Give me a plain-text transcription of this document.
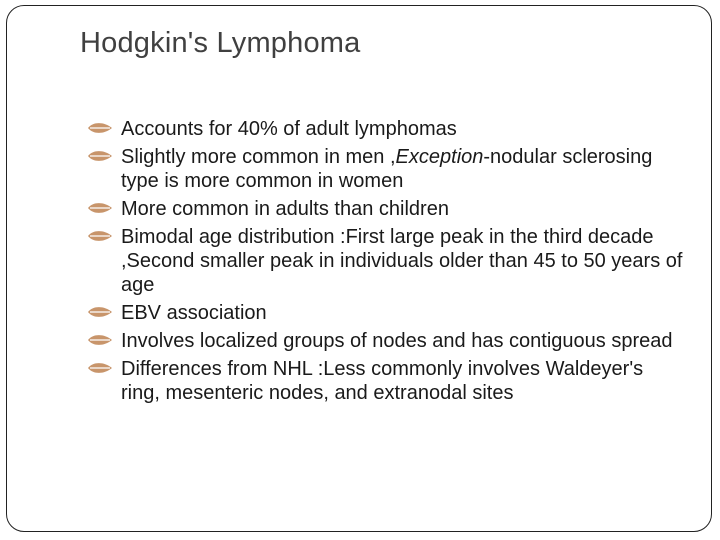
Hodgkin's Lymphoma
Accounts for 40% of adult lymphomas
Slightly more common in men ,Exception-nodular sclerosing type is more common in women
More common in adults than children
Bimodal age distribution :First large peak in the third decade ,Second smaller peak in individuals older than 45 to 50 years of age
EBV association
Involves localized groups of nodes and has contiguous spread
Differences from NHL :Less commonly involves Waldeyer's ring, mesenteric nodes, and extranodal sites
